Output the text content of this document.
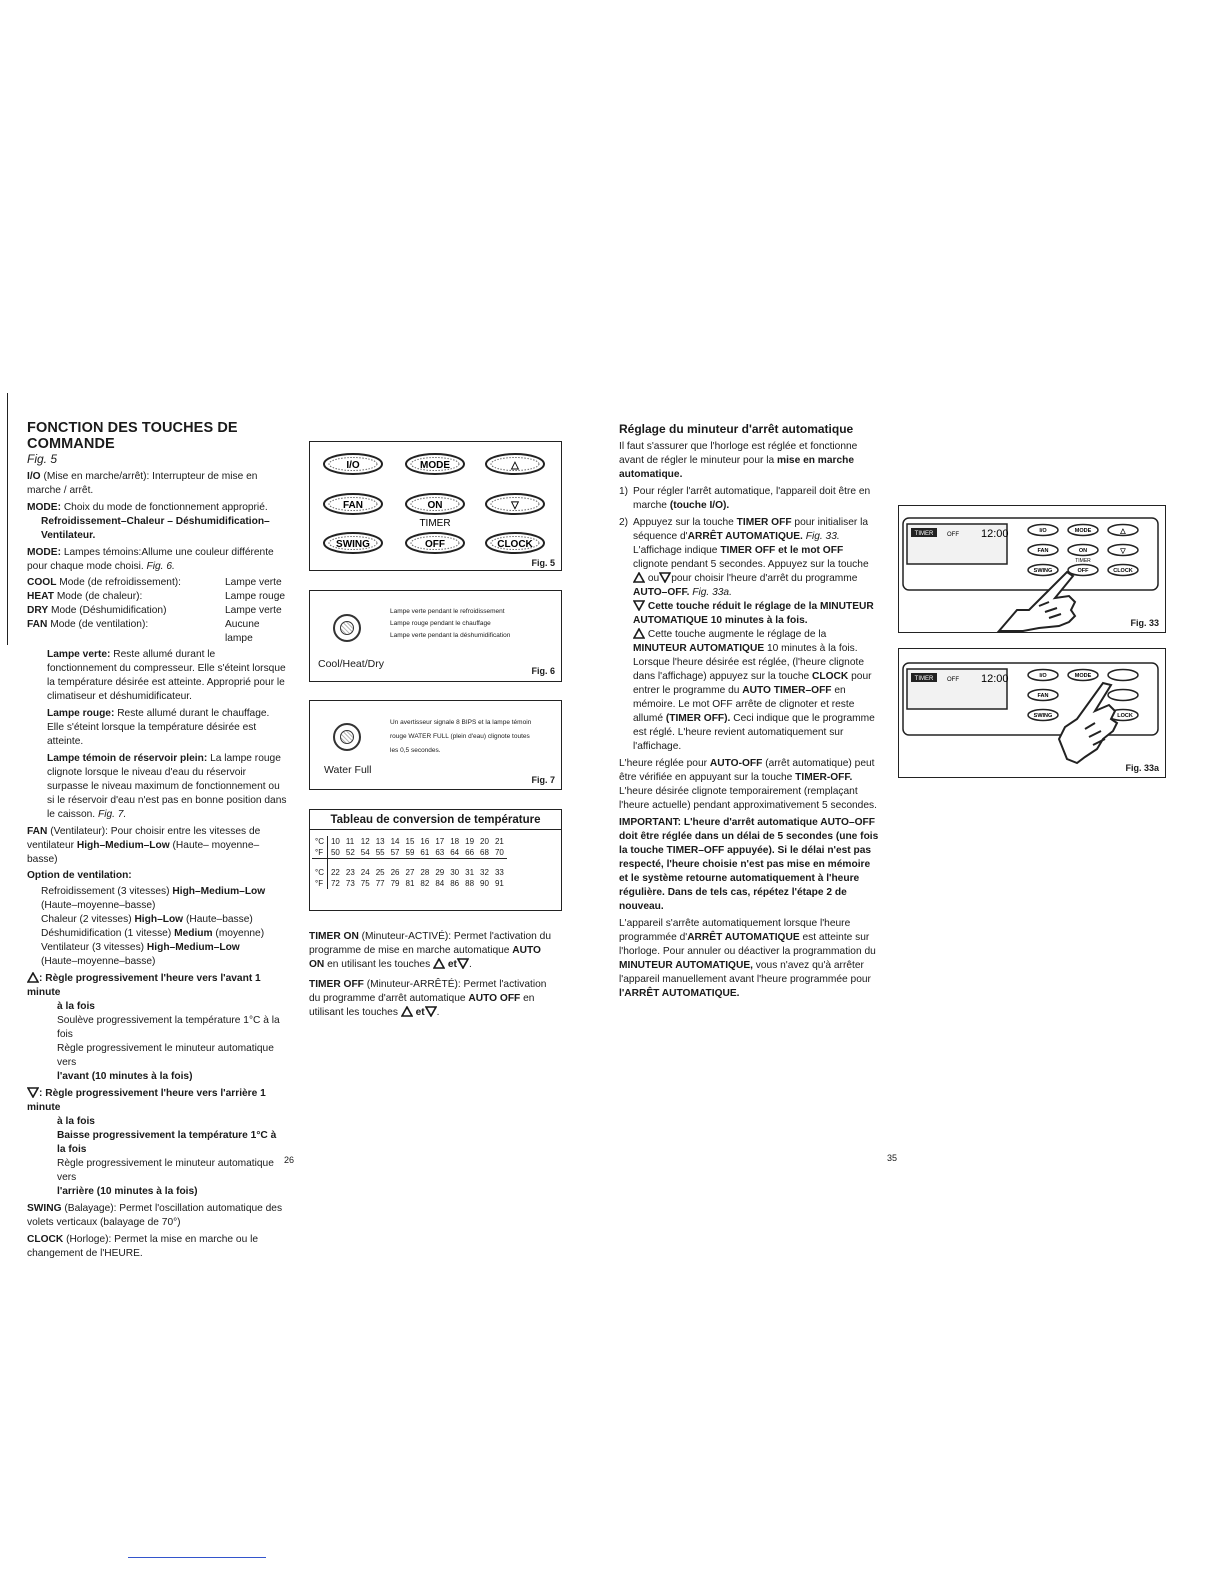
FONCTION DES TOUCHES DE COMMANDE
Fig. 5
I/O (Mise en marche/arrêt): Interrupteur de mise en marche / arrêt.
MODE: Choix du mode de fonctionnement approprié.
Refroidissement–Chaleur – Déshumidification– Ventilateur.
MODE: Lampes témoins:Allume une couleur différente pour chaque mode choisi. Fig. 6.
COOL Mode (de refroidissement):	Lampe verte
HEAT Mode (de chaleur):	Lampe rouge
DRY Mode (Déshumidification)	Lampe verte
FAN Mode (de ventilation):	Aucune lampe
Lampe verte: Reste allumé durant le fonctionnement du compresseur. Elle s'éteint lorsque la température désirée est atteinte. Approprié pour le climatiseur et déshumidificateur.
Lampe rouge: Reste allumé durant le chauffage. Elle s'éteint lorsque la température désirée est atteinte.
Lampe témoin de réservoir plein: La lampe rouge clignote lorsque le niveau d'eau du réservoir surpasse le niveau maximum de fonctionnement ou si le réservoir d'eau n'est pas en bonne position dans le caisson. Fig. 7.
FAN (Ventilateur): Pour choisir entre les vitesses de ventilateur High–Medium–Low (Haute– moyenne–basse)
Option de ventilation:
Refroidissement (3 vitesses) High–Medium–Low
(Haute–moyenne–basse)
Chaleur (2 vitesses) High–Low (Haute–basse)
Déshumidification (1 vitesse) Medium (moyenne)
Ventilateur (3 vitesses) High–Medium–Low
(Haute–moyenne–basse)
: Règle progressivement l'heure vers l'avant 1 minute
à la fois
Soulève progressivement la température 1°C à la fois
Règle progressivement le minuteur automatique vers
l'avant (10 minutes à la fois)
: Règle progressivement l'heure vers l'arrière 1 minute
à la fois
Baisse progressivement la température 1°C à la fois
Règle progressivement le minuteur automatique vers
l'arrière (10 minutes à la fois)
SWING (Balayage): Permet l'oscillation automatique des volets verticaux (balayage de 70°)
CLOCK (Horloge): Permet la mise en marche ou le changement de l'HEURE.
26
I/O	MODE	△
FAN	ON	▽
SWING	OFF	CLOCK
TIMER
Fig. 5
Lampe verte pendant le refroidissement
Lampe rouge pendant le chauffage
Lampe verte pendant la déshumidification
Cool/Heat/Dry
Fig. 6
Un avertisseur signale 8 BIPS et la lampe témoin
rouge WATER FULL (plein d'eau) clignote toutes
les 0,5 secondes.
Water Full
Fig. 7
Tableau de conversion de température
°C	10	11	12	13	14	15	16	17	18	19	20	21
°F	50	52	54	55	57	59	61	63	64	66	68	70

°C	22	23	24	25	26	27	28	29	30	31	32	33
°F	72	73	75	77	79	81	82	84	86	88	90	91
TIMER ON (Minuteur-ACTIVÉ): Permet l'activation du programme de mise en marche automatique AUTO ON en utilisant les touches et .
TIMER OFF (Minuteur-ARRÊTÉ): Permet l'activation du programme d'arrêt automatique AUTO OFF en utilisant les touches et .
Réglage du minuteur d'arrêt automatique
Il faut s'assurer que l'horloge est réglée et fonctionne avant de régler le minuteur pour la mise en marche automatique.
1) Pour régler l'arrêt automatique, l'appareil doit être en marche (touche I/O).
2) Appuyez sur la touche TIMER OFF pour initialiser la séquence d'ARRÊT AUTOMATIQUE. Fig. 33. L'affichage indique TIMER OFF et le mot OFF clignote pendant 5 secondes. Appuyez sur la touche
ou pour choisir l'heure d'arrêt du programme AUTO–OFF. Fig. 33a.
Cette touche réduit le réglage de la MINUTEUR AUTOMATIQUE 10 minutes à la fois.
Cette touche augmente le réglage de la MINUTEUR AUTOMATIQUE 10 minutes à la fois. Lorsque l'heure désirée est réglée, (l'heure clignote dans l'affichage) appuyez sur la touche CLOCK pour entrer le programme du AUTO TIMER–OFF en mémoire. Le mot OFF arrête de clignoter et reste allumé (TIMER OFF). Ceci indique que le programme est réglé. L'heure revient automatiquement sur l'affichage.
L'heure réglée pour AUTO-OFF (arrêt automatique) peut être vérifiée en appuyant sur la touche TIMER-OFF. L'heure désirée clignote temporairement (remplaçant l'heure actuelle) pendant approximativement 5 secondes.
IMPORTANT: L'heure d'arrêt automatique AUTO–OFF doit être réglée dans un délai de 5 secondes (une fois la touche TIMER–OFF appuyée). Si le délai n'est pas respecté, l'heure choisie n'est pas mise en mémoire et le système retourne automatiquement à l'heure régulière. Dans de tels cas, répétez l'étape 2 de nouveau.
L'appareil s'arrête automatiquement lorsque l'heure programmée d'ARRÊT AUTOMATIQUE est atteinte sur l'horloge. Pour annuler ou déactiver la programmation du MINUTEUR AUTOMATIQUE, vous n'avez qu'à arrêter l'appareil manuellement avant l'heure programmée pour l'ARRÊT AUTOMATIQUE.
35
TIMER OFF 12:00	I/O	MODE	△
FAN	ON	▽
TIMER
SWING	OFF	CLOCK
Fig. 33
TIMER OFF 12:00	I/O	MODE
FAN
SWING	LOCK
Fig. 33a
